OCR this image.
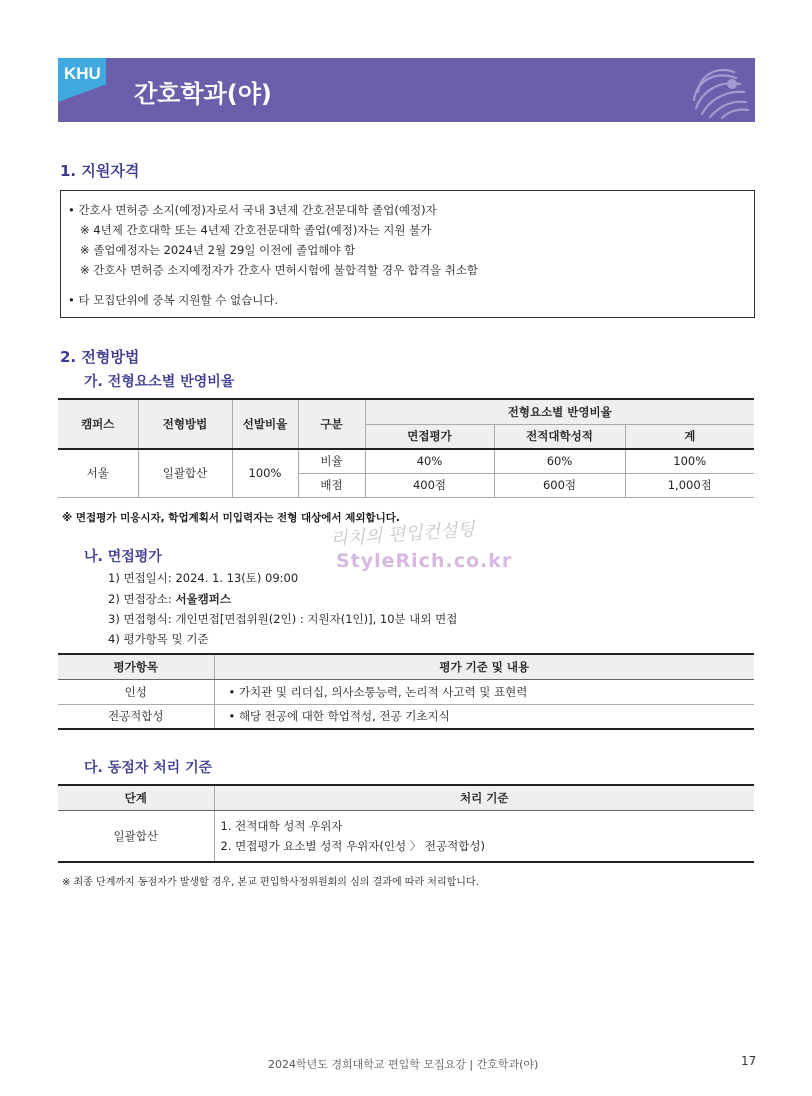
KHU
간호학과(야)
1. 지원자격
• 간호사 면허증 소지(예정)자로서 국내 3년제 간호전문대학 졸업(예정)자
※ 4년제 간호대학 또는 4년제 간호전문대학 졸업(예정)자는 지원 불가
※ 졸업예정자는 2024년 2월 29일 이전에 졸업해야 함
※ 간호사 면허증 소지예정자가 간호사 면허시험에 불합격할 경우 합격을 취소함
• 타 모집단위에 중복 지원할 수 없습니다.
2. 전형방법
가. 전형요소별 반영비율
캠퍼스	전형방법	선발비율	구분	전형요소별 반영비율		
				면접평가	전적대학성적	계
서울	일괄합산	100%	비율	40%	60%	100%
			배점	400점	600점	1,000점
※ 면접평가 미응시자, 학업계획서 미입력자는 전형 대상에서 제외합니다.
리치의 편입컨설팅
StyleRich.co.kr
나. 면접평가
1) 면접일시: 2024. 1. 13(토) 09:00
2) 면접장소: 서울캠퍼스
3) 면접형식: 개인면접[면접위원(2인) : 지원자(1인)], 10분 내외 면접
4) 평가항목 및 기준
평가항목	평가 기준 및 내용
인성	• 가치관 및 리더십, 의사소통능력, 논리적 사고력 및 표현력
전공적합성	• 해당 전공에 대한 학업적성, 전공 기초지식
다. 동점자 처리 기준
단계	처리 기준
일괄합산	1. 전적대학 성적 우위자
2. 면접평가 요소별 성적 우위자(인성 〉 전공적합성)
※ 최종 단계까지 동점자가 발생할 경우, 본교 편입학사정위원회의 심의 결과에 따라 처리합니다.
2024학년도 경희대학교 편입학 모집요강 | 간호학과(야)	17
